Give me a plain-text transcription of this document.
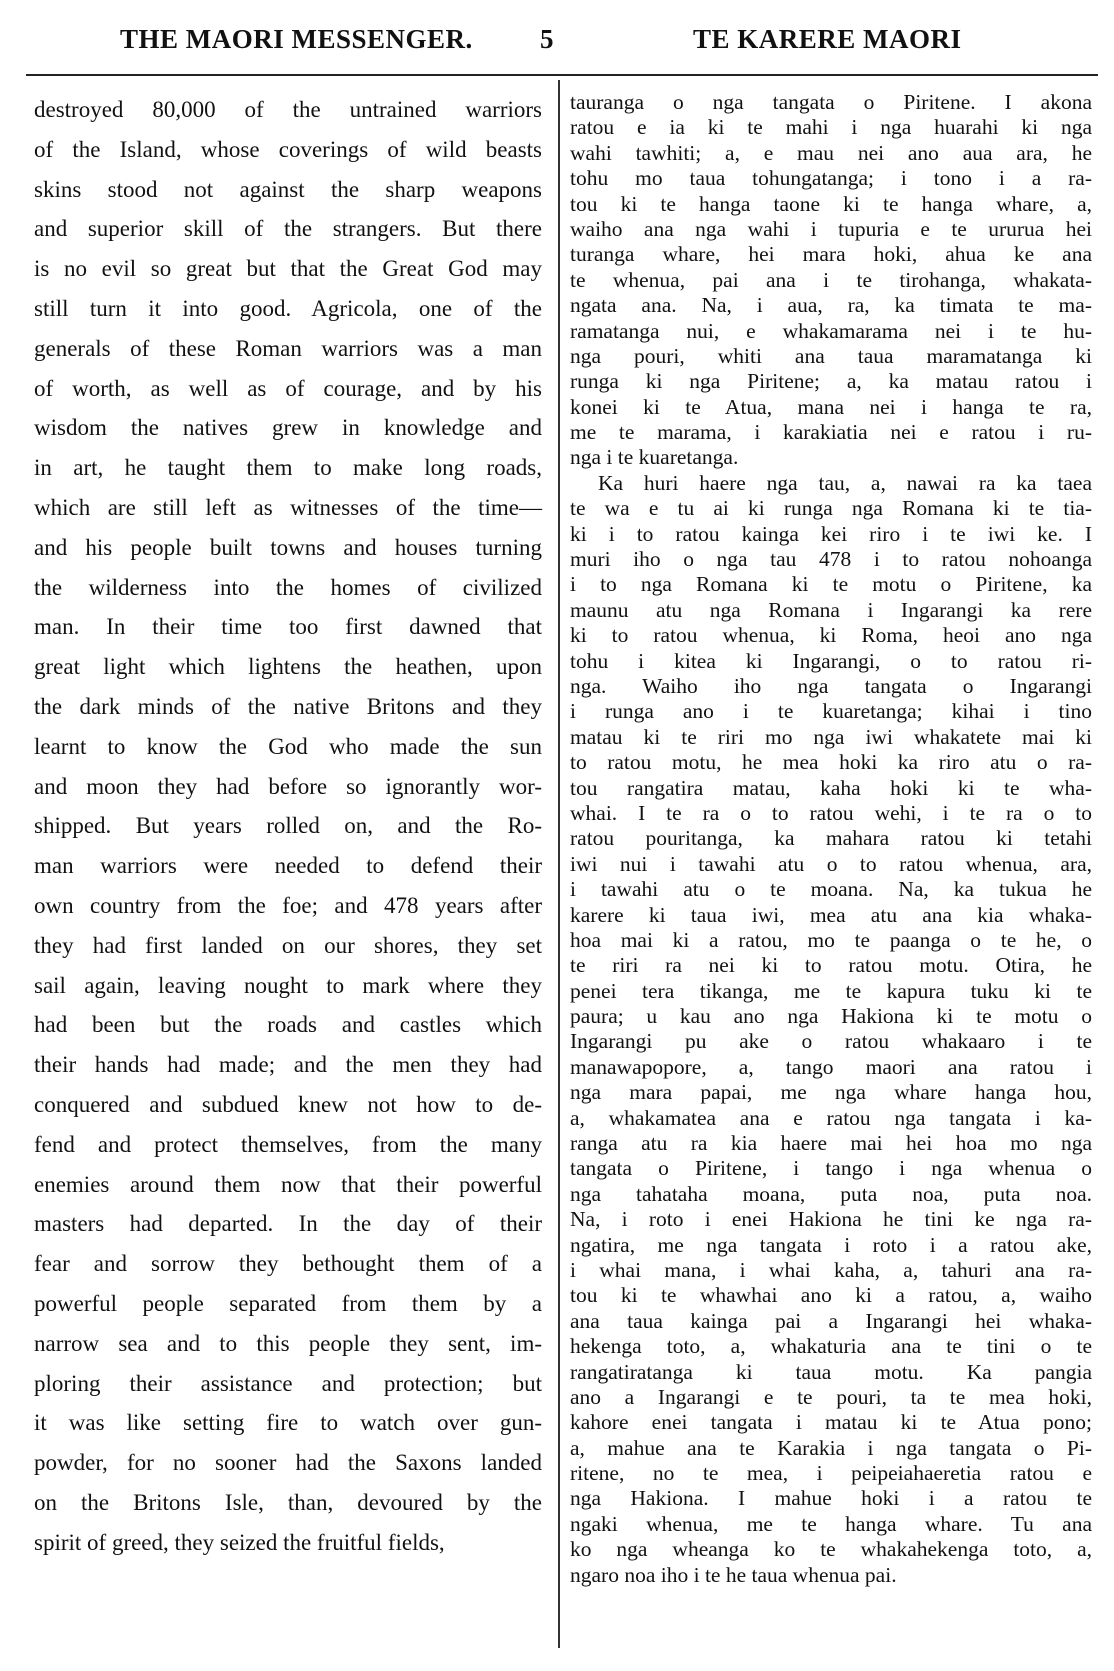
THE MAORI MESSENGER. 5	TE KARERE MAORI
destroyed 80,000 of the untrained warriors
of the Island, whose coverings of wild beasts
skins stood not against the sharp weapons
and superior skill of the strangers. But there
is no evil so great but that the Great God may
still turn it into good. Agricola, one of the
generals of these Roman warriors was a man
of worth, as well as of courage, and by his
wisdom the natives grew in knowledge and
in art, he taught them to make long roads,
which are still left as witnesses of the time—
and his people built towns and houses turning
the wilderness into the homes of civilized
man. In their time too first dawned that
great light which lightens the heathen, upon
the dark minds of the native Britons and they
learnt to know the God who made the sun
and moon they had before so ignorantly wor-
shipped. But years rolled on, and the Ro-
man warriors were needed to defend their
own country from the foe; and 478 years after
they had first landed on our shores, they set
sail again, leaving nought to mark where they
had been but the roads and castles which
their hands had made; and the men they had
conquered and subdued knew not how to de-
fend and protect themselves, from the many
enemies around them now that their powerful
masters had departed. In the day of their
fear and sorrow they bethought them of a
powerful people separated from them by a
narrow sea and to this people they sent, im-
ploring their assistance and protection; but
it was like setting fire to watch over gun-
powder, for no sooner had the Saxons landed
on the Britons Isle, than, devoured by the
spirit of greed, they seized the fruitful fields,
tauranga o nga tangata o Piritene. I akona
ratou e ia ki te mahi i nga huarahi ki nga
wahi tawhiti; a, e mau nei ano aua ara, he
tohu mo taua tohungatanga; i tono i a ra-
tou ki te hanga taone ki te hanga whare, a,
waiho ana nga wahi i tupuria e te ururua hei
turanga whare, hei mara hoki, ahua ke ana
te whenua, pai ana i te tirohanga, whakata-
ngata ana. Na, i aua, ra, ka timata te ma-
ramatanga nui, e whakamarama nei i te hu-
nga pouri, whiti ana taua maramatanga ki
runga ki nga Piritene; a, ka matau ratou i
konei ki te Atua, mana nei i hanga te ra,
me te marama, i karakiatia nei e ratou i ru-
nga i te kuaretanga.
Ka huri haere nga tau, a, nawai ra ka taea
te wa e tu ai ki runga nga Romana ki te tia-
ki i to ratou kainga kei riro i te iwi ke. I
muri iho o nga tau 478 i to ratou nohoanga
i to nga Romana ki te motu o Piritene, ka
maunu atu nga Romana i Ingarangi ka rere
ki to ratou whenua, ki Roma, heoi ano nga
tohu i kitea ki Ingarangi, o to ratou ri-
nga. Waiho iho nga tangata o Ingarangi
i runga ano i te kuaretanga; kihai i tino
matau ki te riri mo nga iwi whakatete mai ki
to ratou motu, he mea hoki ka riro atu o ra-
tou rangatira matau, kaha hoki ki te wha-
whai. I te ra o to ratou wehi, i te ra o to
ratou pouritanga, ka mahara ratou ki tetahi
iwi nui i tawahi atu o to ratou whenua, ara,
i tawahi atu o te moana. Na, ka tukua he
karere ki taua iwi, mea atu ana kia whaka-
hoa mai ki a ratou, mo te paanga o te he, o
te riri ra nei ki to ratou motu. Otira, he
penei tera tikanga, me te kapura tuku ki te
paura; u kau ano nga Hakiona ki te motu o
Ingarangi pu ake o ratou whakaaro i te
manawapopore, a, tango maori ana ratou i
nga mara papai, me nga whare hanga hou,
a, whakamatea ana e ratou nga tangata i ka-
ranga atu ra kia haere mai hei hoa mo nga
tangata o Piritene, i tango i nga whenua o
nga tahataha moana, puta noa, puta noa.
Na, i roto i enei Hakiona he tini ke nga ra-
ngatira, me nga tangata i roto i a ratou ake,
i whai mana, i whai kaha, a, tahuri ana ra-
tou ki te whawhai ano ki a ratou, a, waiho
ana taua kainga pai a Ingarangi hei whaka-
hekenga toto, a, whakaturia ana te tini o te
rangatiratanga ki taua motu. Ka pangia
ano a Ingarangi e te pouri, ta te mea hoki,
kahore enei tangata i matau ki te Atua pono;
a, mahue ana te Karakia i nga tangata o Pi-
ritene, no te mea, i peipeiahaeretia ratou e
nga Hakiona. I mahue hoki i a ratou te
ngaki whenua, me te hanga whare. Tu ana
ko nga wheanga ko te whakahekenga toto, a,
ngaro noa iho i te he taua whenua pai.
